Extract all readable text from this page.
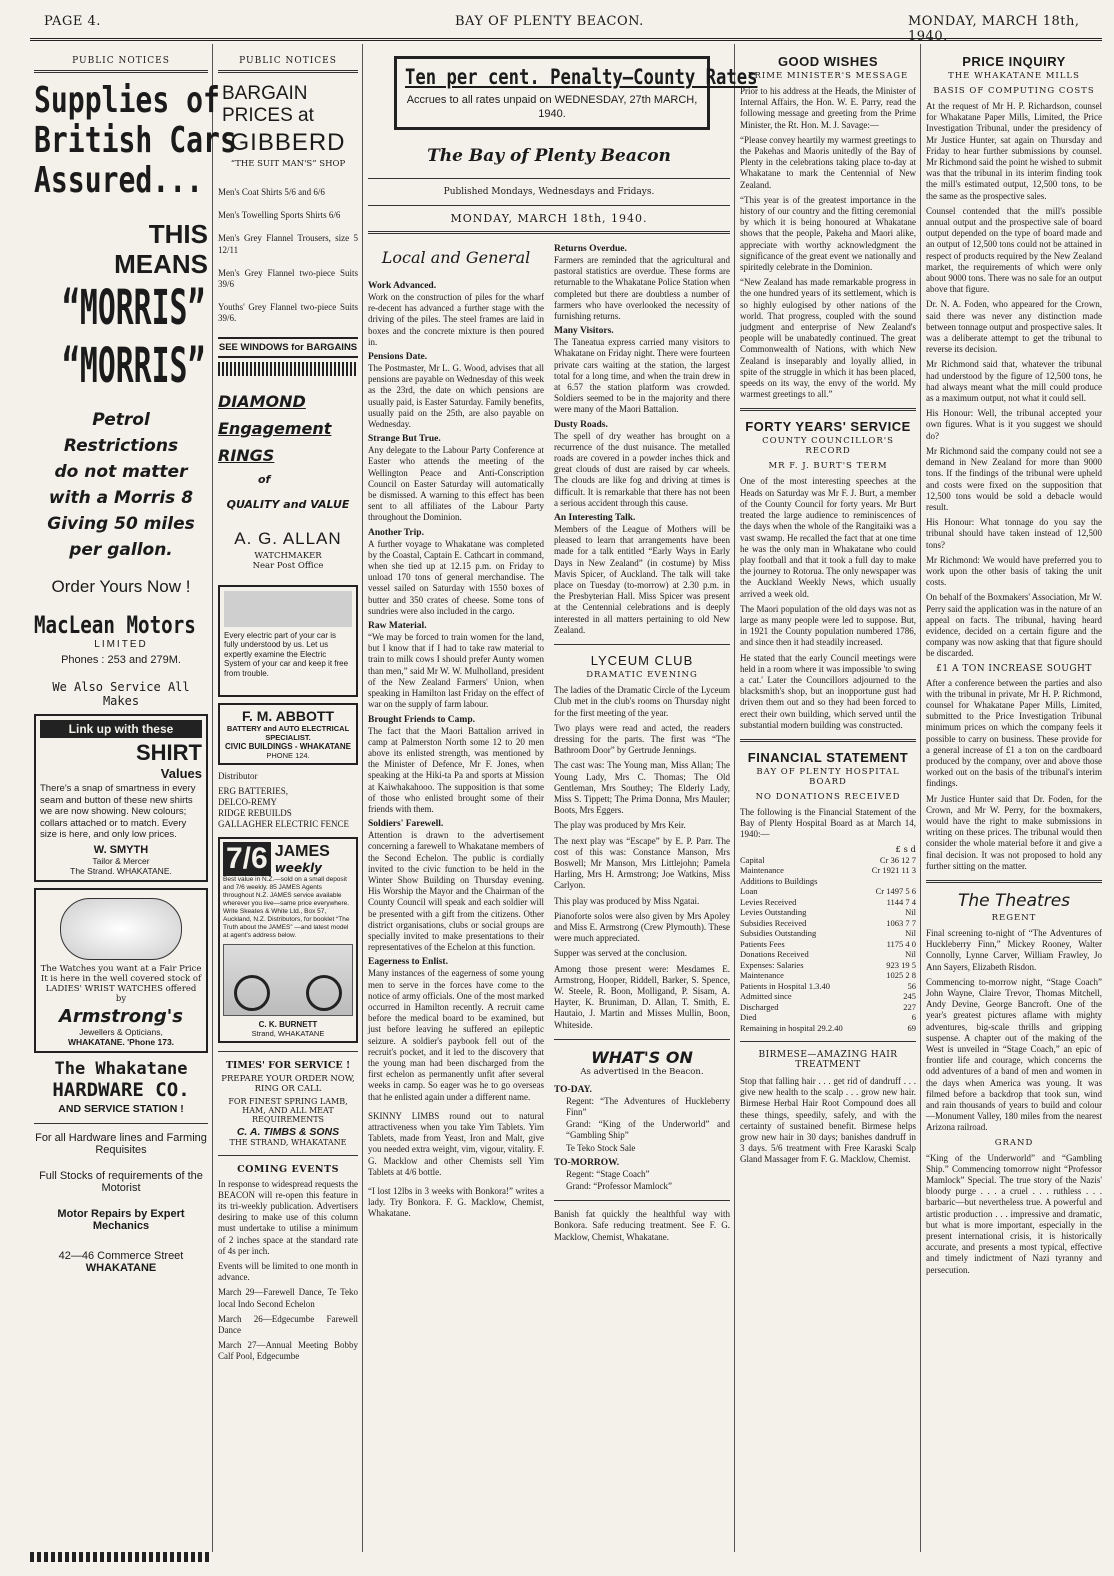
PAGE 4.	BAY OF PLENTY BEACON.	MONDAY, MARCH 18th, 1940.
PUBLIC NOTICES
Supplies of
British Cars
Assured...
THIS
MEANS
“MORRIS”
“MORRIS”
Petrol Restrictions
do not matter
with a Morris 8
Giving 50 miles
per gallon.
Order Yours Now !
MacLean Motors
LIMITED
Phones : 253 and 279M.
We Also Service All Makes
Link up with these
SHIRT
Values
There's a snap of smartness in every seam and button of these new shirts we are now showing. New colours; collars attached or to match. Every size is here, and only low prices.
W. SMYTH
Tailor & Mercer
The Strand. WHAKATANE.
The Watches you want at a Fair Price It is here in the well covered stock of LADIES' WRIST WATCHES offered by
Armstrong's
Jewellers & Opticians,
WHAKATANE. 'Phone 173.
The Whakatane
HARDWARE CO.
AND SERVICE STATION !
For all Hardware lines and Farming Requisites
Full Stocks of requirements of the Motorist
Motor Repairs by Expert Mechanics
42—46 Commerce Street
WHAKATANE
PUBLIC NOTICES
BARGAIN
PRICES at
GIBBERD
“THE SUIT MAN'S” SHOP
Men's Coat Shirts 5/6 and 6/6
Men's Towelling Sports Shirts 6/6
Men's Grey Flannel Trousers, size 5 12/11
Men's Grey Flannel two-piece Suits 39/6
Youths' Grey Flannel two-piece Suits 39/6.
SEE WINDOWS for BARGAINS
DIAMOND
Engagement
RINGS
of
QUALITY and VALUE
A. G. ALLAN
WATCHMAKER
Near Post Office
Every electric part of your car is fully understood by us. Let us expertly examine the Electric System of your car and keep it free from trouble.
F. M. ABBOTT
BATTERY and AUTO ELECTRICAL SPECIALIST.
CIVIC BUILDINGS - WHAKATANE
PHONE 124.
Distributor
ERG BATTERIES,
DELCO-REMY
RIDGE REBUILDS
GALLAGHER ELECTRIC FENCE
7/6 JAMES
weekly
Best value in N.Z.—sold on a small deposit and 7/6 weekly. 85 JAMES Agents throughout N.Z. JAMES service available wherever you live—same price everywhere. Write Skeates & White Ltd., Box 57, Auckland, N.Z. Distributors, for booklet “The Truth about the JAMES” —and latest model at agent's address below.
C. K. BURNETT
Strand, WHAKATANE
TIMES' FOR SERVICE !
PREPARE YOUR ORDER NOW,
RING OR CALL
FOR FINEST SPRING LAMB, HAM, AND ALL MEAT REQUIREMENTS
C. A. TIMBS & SONS
THE STRAND, WHAKATANE
COMING EVENTS
In response to widespread requests the BEACON will re-open this feature in its tri-weekly publication. Advertisers desiring to make use of this column must undertake to utilise a minimum of 2 inches space at the standard rate of 4s per inch.
Events will be limited to one month in advance.
March 29—Farewell Dance, Te Teko local Indo Second Echelon
March 26—Edgecumbe Farewell Dance
March 27—Annual Meeting Bobby Calf Pool, Edgecumbe
Ten per cent. Penalty—County Rates
Accrues to all rates unpaid on WEDNESDAY, 27th MARCH, 1940.
The Bay of Plenty Beacon
Published Mondays, Wednesdays and Fridays.
MONDAY, MARCH 18th, 1940.
Local and General
Work Advanced.
Work on the construction of piles for the wharf re-decent has advanced a further stage with the driving of the piles. The steel frames are laid in boxes and the concrete mixture is then poured in.
Pensions Date.
The Postmaster, Mr L. G. Wood, advises that all pensions are payable on Wednesday of this week as the 23rd, the date on which pensions are usually paid, is Easter Saturday. Family benefits, usually paid on the 25th, are also payable on Wednesday.
Strange But True.
Any delegate to the Labour Party Conference at Easter who attends the meeting of the Wellington Peace and Anti-Conscription Council on Easter Saturday will automatically be dismissed. A warning to this effect has been sent to all affiliates of the Labour Party throughout the Dominion.
Another Trip.
A further voyage to Whakatane was completed by the Coastal, Captain E. Cathcart in command, when she tied up at 12.15 p.m. on Friday to unload 170 tons of general merchandise. The vessel sailed on Saturday with 1550 boxes of butter and 350 crates of cheese. Some tons of sundries were also included in the cargo.
Raw Material.
“We may be forced to train women for the land, but I know that if I had to take raw material to train to milk cows I should prefer Aunty women than men,” said Mr W. W. Mulholland, president of the New Zealand Farmers' Union, when speaking in Hamilton last Friday on the effect of war on the supply of farm labour.
Brought Friends to Camp.
The fact that the Maori Battalion arrived in camp at Palmerston North some 12 to 20 men above its enlisted strength, was mentioned by the Minister of Defence, Mr F. Jones, when speaking at the Hiki-ta Pa and sports at Mission at Kaiwhakahooo. The supposition is that some of those who enlisted brought some of their friends with them.
Soldiers' Farewell.
Attention is drawn to the advertisement concerning a farewell to Whakatane members of the Second Echelon. The public is cordially invited to the civic function to be held in the Winter Show Building on Thursday evening. His Worship the Mayor and the Chairman of the County Council will speak and each soldier will be presented with a gift from the citizens. Other district organisations, clubs or social groups are specially invited to make presentations to their representatives of the Echelon at this function.
Eagerness to Enlist.
Many instances of the eagerness of some young men to serve in the forces have come to the notice of army officials. One of the most marked occurred in Hamilton recently. A recruit came before the medical board to be examined, but just before leaving he suffered an epileptic seizure. A soldier's paybook fell out of the recruit's pocket, and it led to the discovery that the young man had been discharged from the first echelon as permanently unfit after several weeks in camp. So eager was he to go overseas that he enlisted again under a different name.
SKINNY LIMBS round out to natural attractiveness when you take Yim Tablets. Yim Tablets, made from Yeast, Iron and Malt, give you needed extra weight, vim, vigour, vitality. F. G. Macklow and other Chemists sell Yim Tablets at 4/6 bottle.
“I lost 12lbs in 3 weeks with Bonkora!” writes a lady. Try Bonkora. F. G. Macklow, Chemist, Whakatane.
Returns Overdue.
Farmers are reminded that the agricultural and pastoral statistics are overdue. These forms are returnable to the Whakatane Police Station when completed but there are doubtless a number of farmers who have overlooked the necessity of furnishing returns.
Many Visitors.
The Taneatua express carried many visitors to Whakatane on Friday night. There were fourteen private cars waiting at the station, the largest total for a long time, and when the train drew in at 6.57 the station platform was crowded. Soldiers seemed to be in the majority and there were many of the Maori Battalion.
Dusty Roads.
The spell of dry weather has brought on a recurrence of the dust nuisance. The metalled roads are covered in a powder inches thick and great clouds of dust are raised by car wheels. The clouds are like fog and driving at times is difficult. It is remarkable that there has not been a serious accident through this cause.
An Interesting Talk.
Members of the League of Mothers will be pleased to learn that arrangements have been made for a talk entitled “Early Ways in Early Days in New Zealand” (in costume) by Miss Mavis Spicer, of Auckland. The talk will take place on Tuesday (to-morrow) at 2.30 p.m. in the Presbyterian Hall. Miss Spicer was present at the Centennial celebrations and is deeply interested in all matters pertaining to old New Zealand.
LYCEUM CLUB
DRAMATIC EVENING
The ladies of the Dramatic Circle of the Lyceum Club met in the club's rooms on Thursday night for the first meeting of the year.
Two plays were read and acted, the readers dressing for the parts. The first was “The Bathroom Door” by Gertrude Jennings.
The cast was: The Young man, Miss Allan; The Young Lady, Mrs C. Thomas; The Old Gentleman, Mrs Southey; The Elderly Lady, Miss S. Tippett; The Prima Donna, Mrs Mauler; Boots, Mrs Eggers.
The play was produced by Mrs Keir.
The next play was “Escape” by E. P. Parr. The cost of this was: Constance Manson, Mrs Boswell; Mr Manson, Mrs Littlejohn; Pamela Harling, Mrs H. Armstrong; Joe Watkins, Miss Carlyon.
This play was produced by Miss Ngatai.
Pianoforte solos were also given by Mrs Apoley and Miss E. Armstrong (Crew Plymouth). These were much appreciated.
Supper was served at the conclusion.
Among those present were: Mesdames E. Armstrong, Hooper, Riddell, Barker, S. Spence, W. Steele, R. Boon, Molligand, P. Sisam, A. Hayter, K. Bruniman, D. Allan, T. Smith, E. Hautaio, J. Martin and Misses Mullin, Boon, Whiteside.
WHAT'S ON
As advertised in the Beacon.
TO-DAY.
Regent: “The Adventures of Huckleberry Finn”
Grand: “King of the Underworld” and “Gambling Ship”
Te Teko Stock Sale
TO-MORROW.
Regent: “Stage Coach”
Grand: “Professor Mamlock”
Banish fat quickly the healthful way with Bonkora. Safe reducing treatment. See F. G. Macklow, Chemist, Whakatane.
GOOD WISHES
PRIME MINISTER'S MESSAGE
Prior to his address at the Heads, the Minister of Internal Affairs, the Hon. W. E. Parry, read the following message and greeting from the Prime Minister, the Rt. Hon. M. J. Savage:—
“Please convey heartily my warmest greetings to the Pakehas and Maoris unitedly of the Bay of Plenty in the celebrations taking place to-day at Whakatane to mark the Centennial of New Zealand.
“This year is of the greatest importance in the history of our country and the fitting ceremonial by which it is being honoured at Whakatane shows that the people, Pakeha and Maori alike, appreciate with worthy acknowledgment the significance of the great event we nationally and spiritedly celebrate in the Dominion.
“New Zealand has made remarkable progress in the one hundred years of its settlement, which is so highly eulogised by other nations of the world. That progress, coupled with the sound judgment and enterprise of New Zealand's people will be unabatedly continued. The great Commonwealth of Nations, with which New Zealand is inseparably and loyally allied, in spite of the struggle in which it has been placed, speeds on its way, the envy of the world. My warmest greetings to all.”
FORTY YEARS' SERVICE
COUNTY COUNCILLOR'S RECORD
MR F. J. BURT'S TERM
One of the most interesting speeches at the Heads on Saturday was Mr F. J. Burt, a member of the County Council for forty years. Mr Burt treated the large audience to reminiscences of the days when the whole of the Rangitaiki was a vast swamp. He recalled the fact that at one time he was the only man in Whakatane who could play football and that it took a full day to make the journey to Rotorua. The only newspaper was the Auckland Weekly News, which usually arrived a week old.
The Maori population of the old days was not as large as many people were led to suppose. But, in 1921 the County population numbered 1786, and since then it had steadily increased.
He stated that the early Council meetings were held in a room where it was impossible 'to swing a cat.' Later the Councillors adjourned to the blacksmith's shop, but an inopportune gust had driven them out and so they had been forced to erect their own building, which served until the substantial modern building was constructed.
FINANCIAL STATEMENT
BAY OF PLENTY HOSPITAL BOARD
NO DONATIONS RECEIVED
The following is the Financial Statement of the Bay of Plenty Hospital Board as at March 14, 1940:—
£ s d
Capital	Cr 36 12 7
Maintenance	Cr 1921 11 3
Additions to Buildings	
Loan	Cr 1497 5 6
Levies Received	1144 7 4
Levies Outstanding	Nil
Subsidies Received	1063 7 7
Subsidies Outstanding	Nil
Patients Fees	1175 4 0
Donations Received	Nil
Expenses: Salaries	923 19 5
Maintenance	1025 2 8
Patients in Hospital 1.3.40	56
Admitted since	245
Discharged	227
Died	6
Remaining in hospital 29.2.40	69
BIRMESE—AMAZING HAIR TREATMENT
Stop that falling hair . . . get rid of dandruff . . . give new health to the scalp . . . grow new hair. Birmese Herbal Hair Root Compound does all these things, speedily, safely, and with the certainty of sustained benefit. Birmese helps grow new hair in 30 days; banishes dandruff in 3 days. 5/6 treatment with Free Karaski Scalp Gland Massager from F. G. Macklow, Chemist.
PRICE INQUIRY
THE WHAKATANE MILLS
BASIS OF COMPUTING COSTS
At the request of Mr H. P. Richardson, counsel for Whakatane Paper Mills, Limited, the Price Investigation Tribunal, under the presidency of Mr Justice Hunter, sat again on Thursday and Friday to hear further submissions by counsel. Mr Richmond said the point he wished to submit was that the tribunal in its interim finding took the mill's estimated output, 12,500 tons, to be the same as the prospective sales.
Counsel contended that the mill's possible annual output and the prospective sale of board output depended on the type of board made and an output of 12,500 tons could not be attained in respect of products required by the New Zealand market, the requirements of which were only about 9000 tons. There was no sale for an output above that figure.
Dr. N. A. Foden, who appeared for the Crown, said there was never any distinction made between tonnage output and prospective sales. It was a deliberate attempt to get the tribunal to reverse its decision.
Mr Richmond said that, whatever the tribunal had understood by the figure of 12,500 tons, he had always meant what the mill could produce as a maximum output, not what it could sell.
His Honour: Well, the tribunal accepted your own figures. What is it you suggest we should do?
Mr Richmond said the company could not see a demand in New Zealand for more than 9000 tons. If the findings of the tribunal were upheld and costs were fixed on the supposition that 12,500 tons would be sold a debacle would result.
His Honour: What tonnage do you say the tribunal should have taken instead of 12,500 tons?
Mr Richmond: We would have preferred you to work upon the other basis of taking the unit costs.
On behalf of the Boxmakers' Association, Mr W. Perry said the application was in the nature of an appeal on facts. The tribunal, having heard evidence, decided on a certain figure and the company was now asking that that figure should be discarded.
£1 A TON INCREASE SOUGHT
After a conference between the parties and also with the tribunal in private, Mr H. P. Richmond, counsel for Whakatane Paper Mills, Limited, submitted to the Price Investigation Tribunal minimum prices on which the company feels it possible to carry on business. These provide for a general increase of £1 a ton on the cardboard produced by the company, over and above those worked out on the basis of the tribunal's interim findings.
Mr Justice Hunter said that Dr. Foden, for the Crown, and Mr W. Perry, for the boxmakers, would have the right to make submissions in writing on these prices. The tribunal would then consider the whole material before it and give a final decision. It was not proposed to hold any further sitting on the matter.
The Theatres
REGENT
Final screening to-night of “The Adventures of Huckleberry Finn,” Mickey Rooney, Walter Connolly, Lynne Carver, William Frawley, Jo Ann Sayers, Elizabeth Risdon.
Commencing to-morrow night, “Stage Coach” John Wayne, Claire Trevor, Thomas Mitchell, Andy Devine, George Bancroft. One of the year's greatest pictures aflame with mighty adventures, big-scale thrills and gripping suspense. A chapter out of the making of the West is unveiled in “Stage Coach,” an epic of frontier life and courage, which concerns the odd adventures of a band of men and women in the days when America was young. It was filmed before a backdrop that took sun, wind and rain thousands of years to build and colour—Monument Valley, 180 miles from the nearest Arizona railroad.
GRAND
“King of the Underworld” and “Gambling Ship.” Commencing tomorrow night “Professor Mamlock” Special. The true story of the Nazis' bloody purge . . . a cruel . . . ruthless . . . barbaric—but nevertheless true. A powerful and artistic production . . . impressive and dramatic, but what is more important, especially in the present international crisis, it is historically accurate, and presents a most typical, effective and timely indictment of Nazi tyranny and persecution.
